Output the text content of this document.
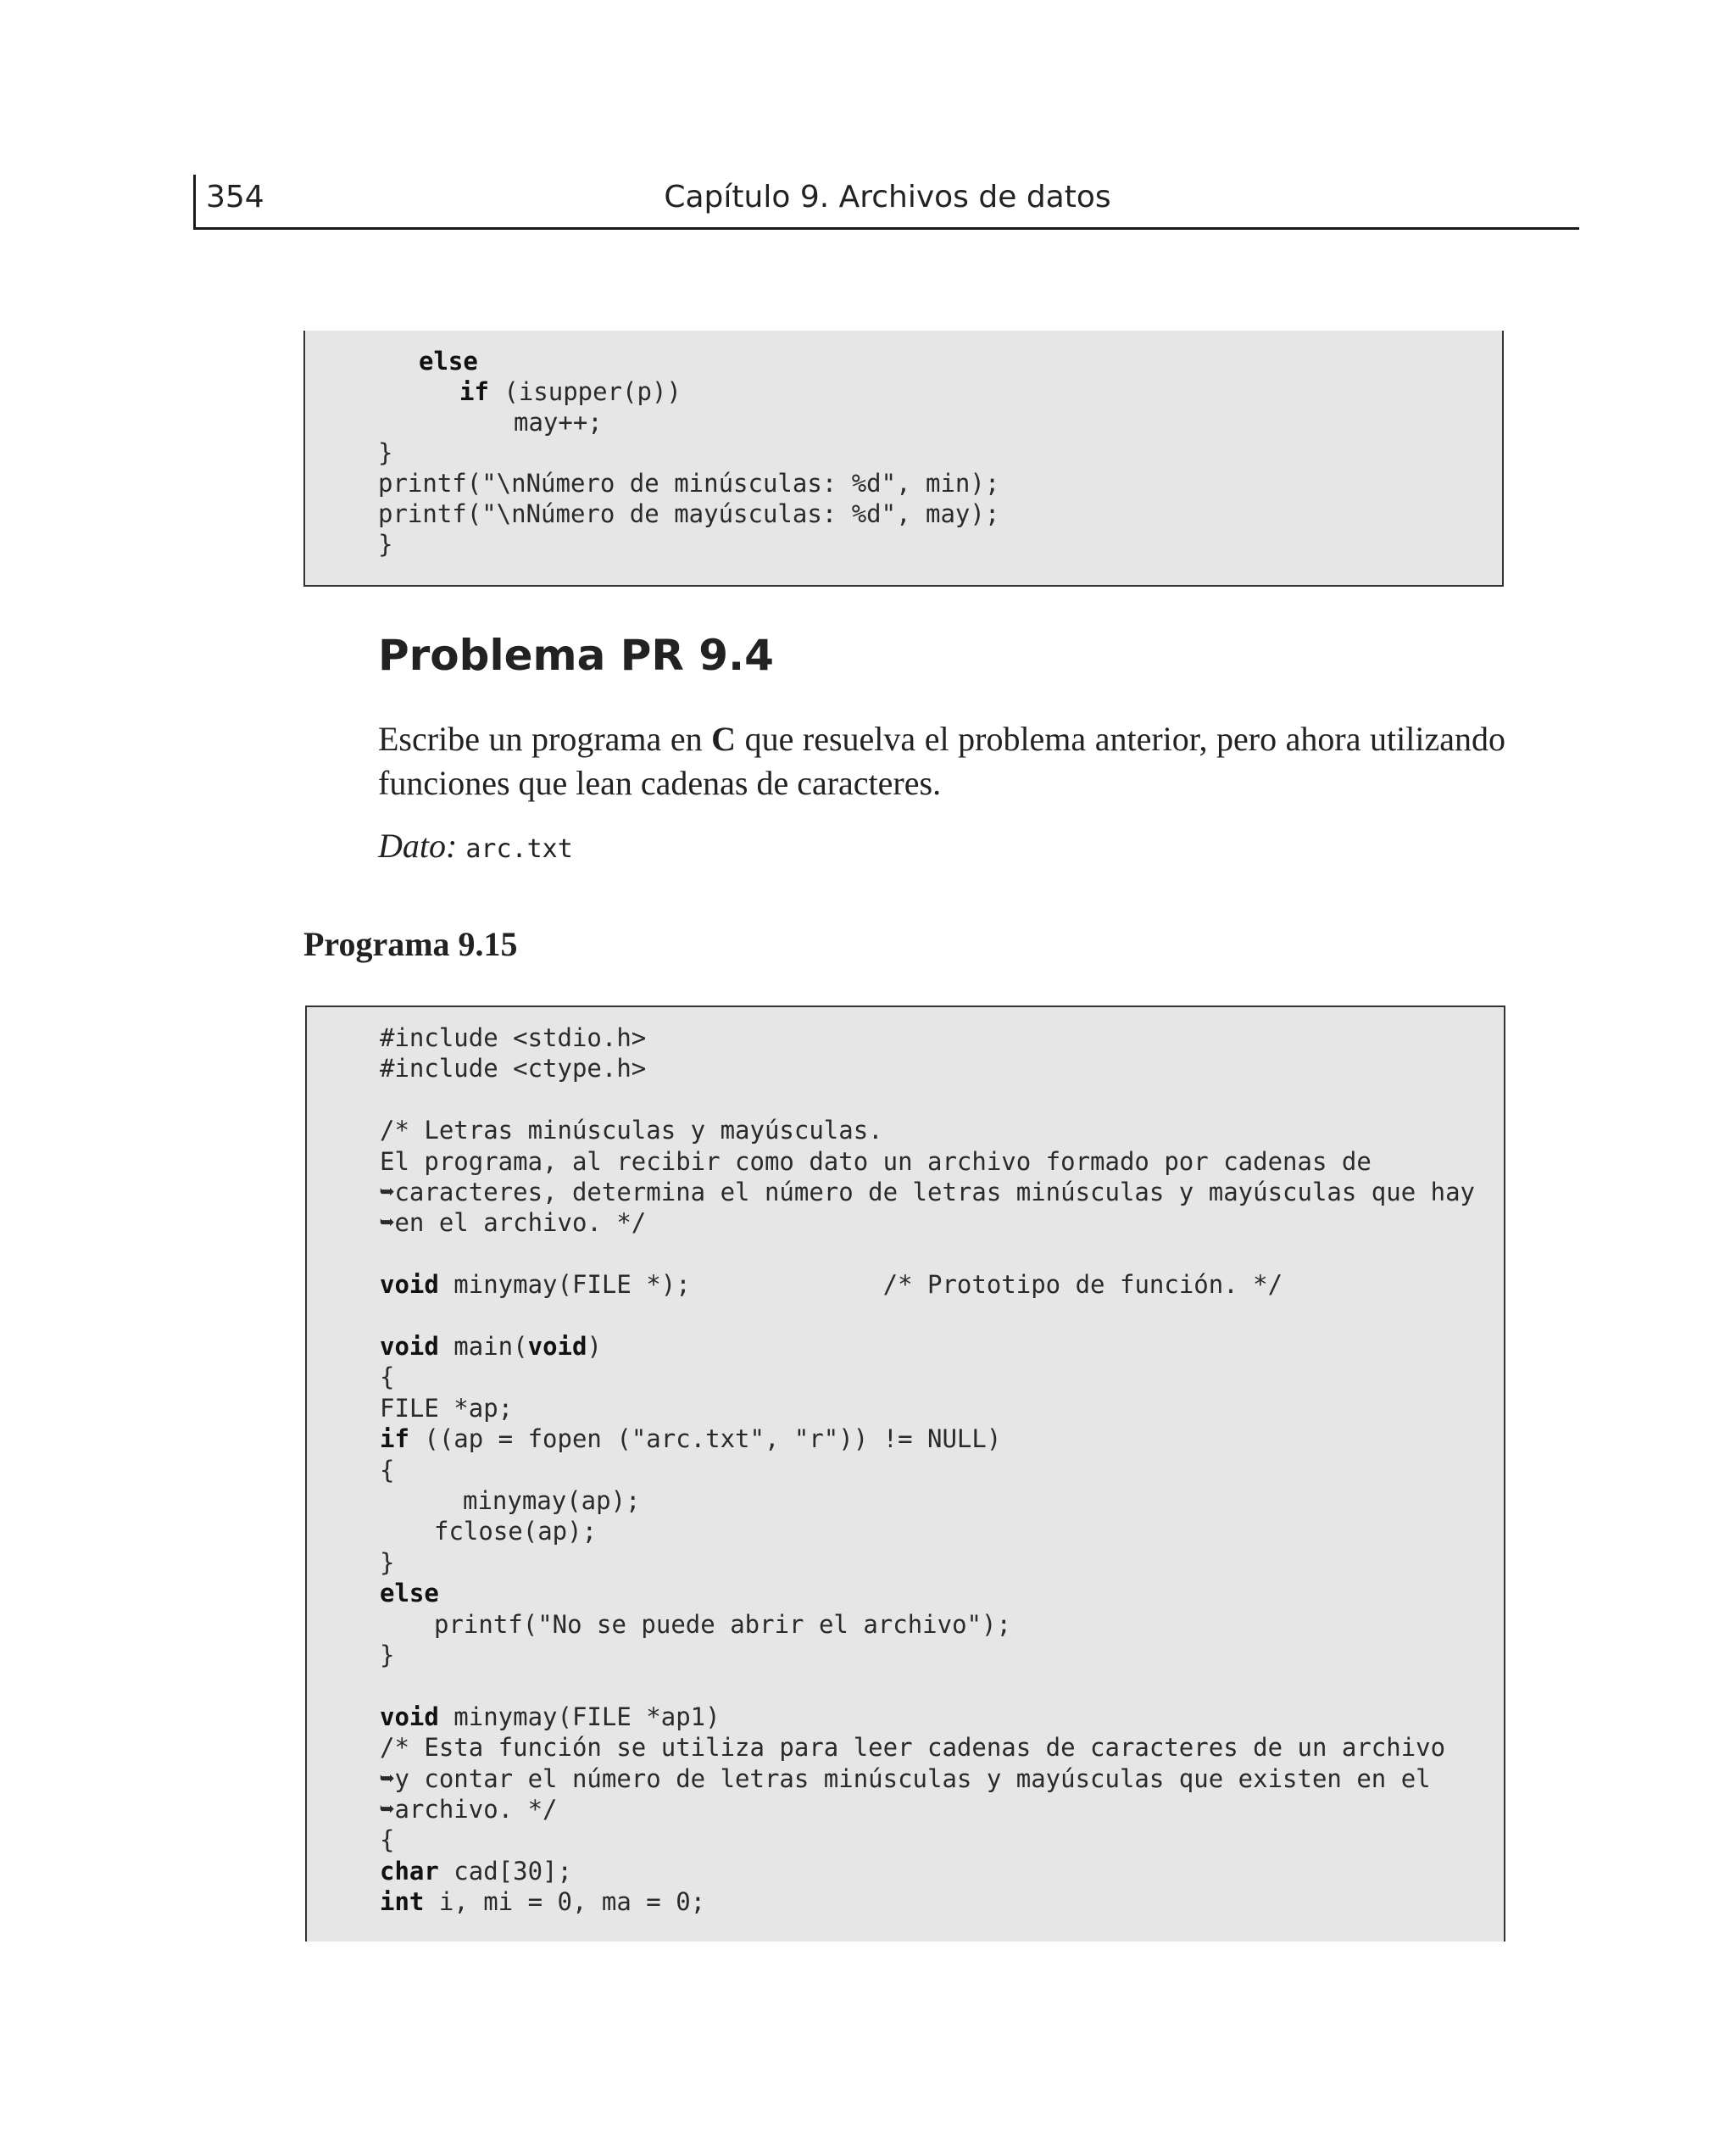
354	Capítulo 9. Archivos de datos
else
if (isupper(p))
may++;
}
printf("\nNúmero de minúsculas: %d", min);
printf("\nNúmero de mayúsculas: %d", may);
}
Problema PR 9.4
Escribe un programa en C que resuelva el problema anterior, pero ahora utilizando funciones que lean cadenas de caracteres.
Dato: arc.txt
Programa 9.15
#include <stdio.h>
#include <ctype.h>
/* Letras minúsculas y mayúsculas.
El programa, al recibir como dato un archivo formado por cadenas de
➥caracteres, determina el número de letras minúsculas y mayúsculas que hay
➥en el archivo. */
void minymay(FILE *);             /* Prototipo de función. */
void main(void)
{
FILE *ap;
if ((ap = fopen ("arc.txt", "r")) != NULL)
{
minymay(ap);
fclose(ap);
}
else
printf("No se puede abrir el archivo");
}
void minymay(FILE *ap1)
/* Esta función se utiliza para leer cadenas de caracteres de un archivo
➥y contar el número de letras minúsculas y mayúsculas que existen en el
➥archivo. */
{
char cad[30];
int i, mi = 0, ma = 0;
